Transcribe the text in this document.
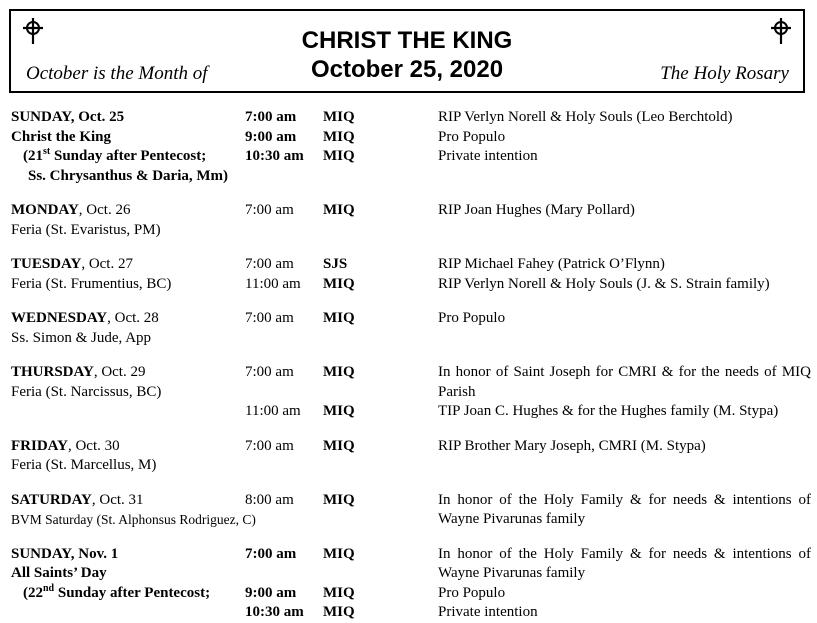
CHRIST THE KING
October 25, 2020
October is the Month of	The Holy Rosary
SUNDAY, Oct. 25	7:00 am	MIQ	RIP Verlyn Norell & Holy Souls (Leo Berchtold)
Christ the King	9:00 am	MIQ	Pro Populo
(21st Sunday after Pentecost;	10:30 am	MIQ	Private intention
Ss. Chrysanthus & Daria, Mm)
MONDAY, Oct. 26	7:00 am	MIQ	RIP Joan Hughes (Mary Pollard)
Feria (St. Evaristus, PM)
TUESDAY, Oct. 27	7:00 am	SJS	RIP Michael Fahey (Patrick O’Flynn)
Feria (St. Frumentius, BC)	11:00 am	MIQ	RIP Verlyn Norell & Holy Souls (J. & S. Strain family)
WEDNESDAY, Oct. 28	7:00 am	MIQ	Pro Populo
Ss. Simon & Jude, App
THURSDAY, Oct. 29	7:00 am	MIQ	In honor of Saint Joseph for CMRI & for the needs of MIQ Parish
Feria (St. Narcissus, BC)
11:00 am	MIQ	TIP Joan C. Hughes & for the Hughes family (M. Stypa)
FRIDAY, Oct. 30	7:00 am	MIQ	RIP Brother Mary Joseph, CMRI (M. Stypa)
Feria (St. Marcellus, M)
SATURDAY, Oct. 31	8:00 am	MIQ	In honor of the Holy Family & for needs & intentions of Wayne Pivarunas family
BVM Saturday (St. Alphonsus Rodriguez, C)
SUNDAY, Nov. 1	7:00 am	MIQ	In honor of the Holy Family & for needs & intentions of Wayne Pivarunas family
All Saints’ Day
(22nd Sunday after Pentecost;	9:00 am	MIQ	Pro Populo
10:30 am	MIQ	Private intention
